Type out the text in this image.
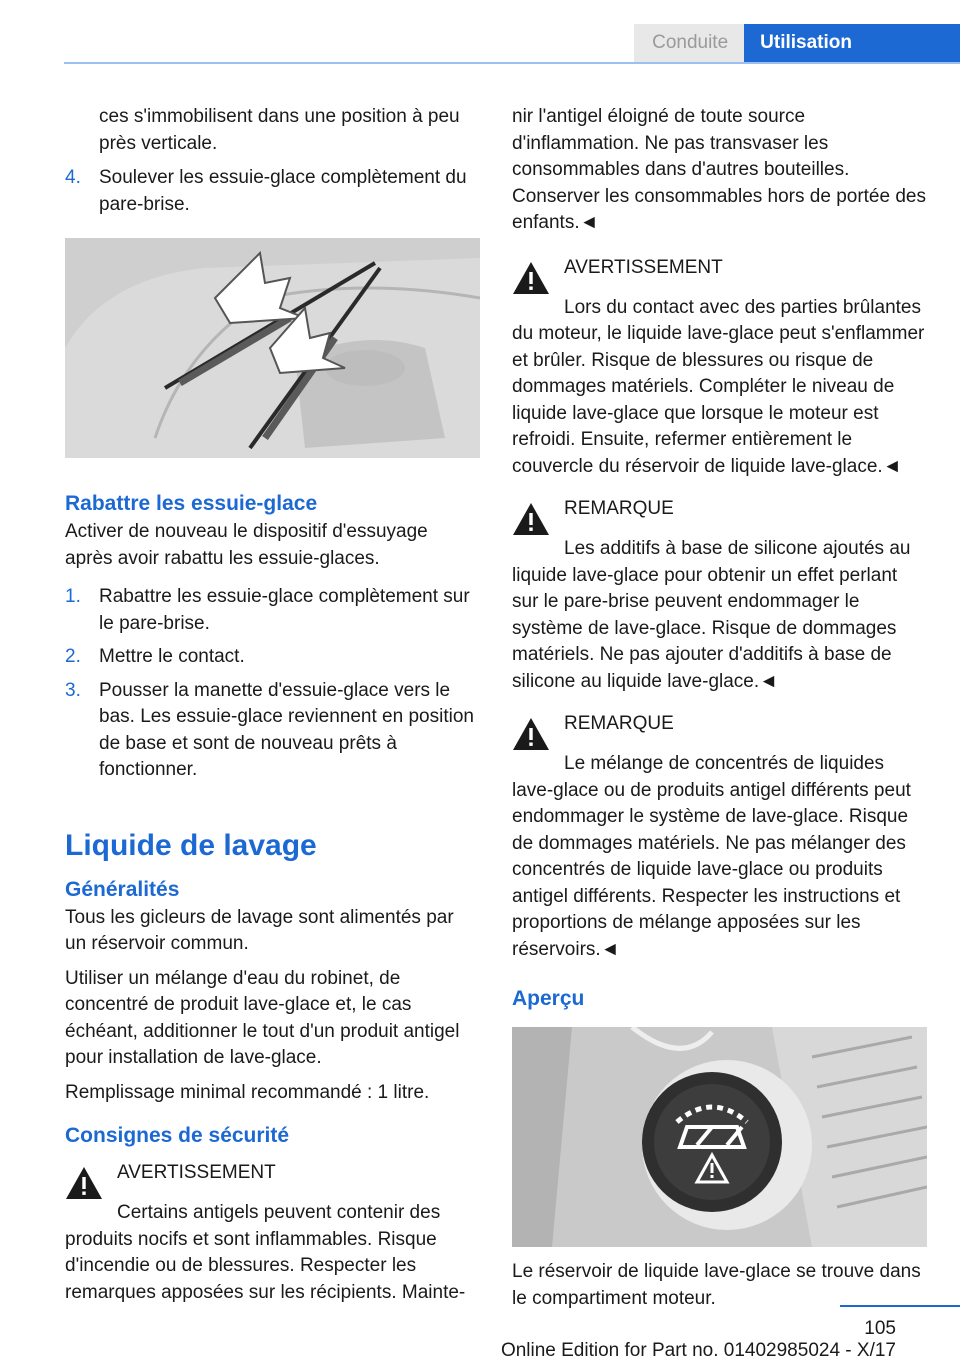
Conduite	Utilisation

ces s'immobilisent dans une position à peu près verticale.

4. Soulever les essuie-glace complètement du pare-brise.
Rabattre les essuie-glace

Activer de nouveau le dispositif d'essuyage après avoir rabattu les essuie-glaces.

1. Rabattre les essuie-glace complètement sur le pare-brise.
2. Mettre le contact.
3. Pousser la manette d'essuie-glace vers le bas. Les essuie-glace reviennent en position de base et sont de nouveau prêts à fonctionner.
Liquide de lavage
Généralités

Tous les gicleurs de lavage sont alimentés par un réservoir commun.

Utiliser un mélange d'eau du robinet, de concentré de produit lave-glace et, le cas échéant, additionner le tout d'un produit antigel pour installation de lave-glace.

Remplissage minimal recommandé : 1 litre.

Consignes de sécurité
AVERTISSEMENT

Certains antigels peuvent contenir des produits nocifs et sont inflammables. Risque d'incendie ou de blessures. Respecter les remarques apposées sur les récipients. Mainte-

nir l'antigel éloigné de toute source d'inflammation. Ne pas transvaser les consommables dans d'autres bouteilles. Conserver les consommables hors de portée des enfants.◄

AVERTISSEMENT

Lors du contact avec des parties brûlantes du moteur, le liquide lave-glace peut s'enflammer et brûler. Risque de blessures ou risque de dommages matériels. Compléter le niveau de liquide lave-glace que lorsque le moteur est refroidi. Ensuite, refermer entièrement le couvercle du réservoir de liquide lave-glace.◄

REMARQUE

Les additifs à base de silicone ajoutés au liquide lave-glace pour obtenir un effet perlant sur le pare-brise peuvent endommager le système de lave-glace. Risque de dommages matériels. Ne pas ajouter d'additifs à base de silicone au liquide lave-glace.◄

REMARQUE

Le mélange de concentrés de liquides lave-glace ou de produits antigel différents peut endommager le système de lave-glace. Risque de dommages matériels. Ne pas mélanger des concentrés de liquide lave-glace ou produits antigel différents. Respecter les instructions et proportions de mélange apposées sur les réservoirs.◄

Aperçu

Le réservoir de liquide lave-glace se trouve dans le compartiment moteur.

105
Online Edition for Part no. 01402985024 - X/17
